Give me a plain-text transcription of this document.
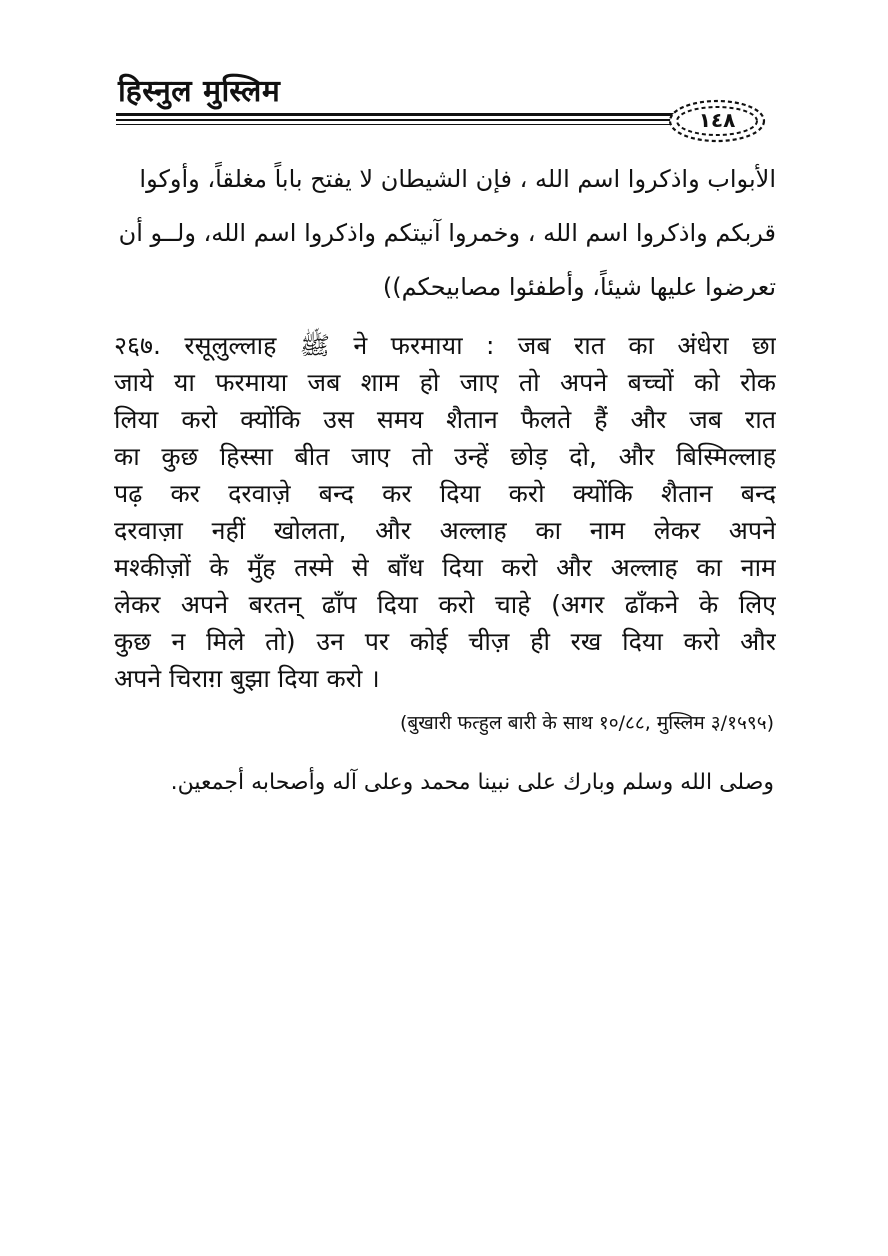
हिस्नुल मुस्लिम
١٤٨
الأبواب واذكروا اسم الله ، فإن الشيطان لا يفتح باباً مغلقاً، وأوكوا
قربكم واذكروا اسم الله ، وخمروا آنيتكم واذكروا اسم الله، ولــو أن
تعرضوا عليها شيئاً، وأطفئوا مصابيحكم))
२६७. रसूलुल्लाह ﷺ ने फरमाया : जब रात का अंधेरा छा
जाये या फरमाया जब शाम हो जाए तो अपने बच्चों को रोक
लिया करो क्योंकि उस समय शैतान फैलते हैं और जब रात
का कुछ हिस्सा बीत जाए तो उन्हें छोड़ दो, और बिस्मिल्लाह
पढ़ कर दरवाज़े बन्द कर दिया करो क्योंकि शैतान बन्द
दरवाज़ा नहीं खोलता, और अल्लाह का नाम लेकर अपने
मश्कीज़ों के मुँह तस्मे से बाँध दिया करो और अल्लाह का नाम
लेकर अपने बरतन् ढाँप दिया करो चाहे (अगर ढाँकने के लिए
कुछ न मिले तो) उन पर कोई चीज़ ही रख दिया करो और
अपने चिराग़ बुझा दिया करो ।
(बुखारी फत्हुल बारी के साथ १०/८८, मुस्लिम ३/१५९५)
وصلى الله وسلم وبارك على نبينا محمد وعلى آله وأصحابه أجمعين.
